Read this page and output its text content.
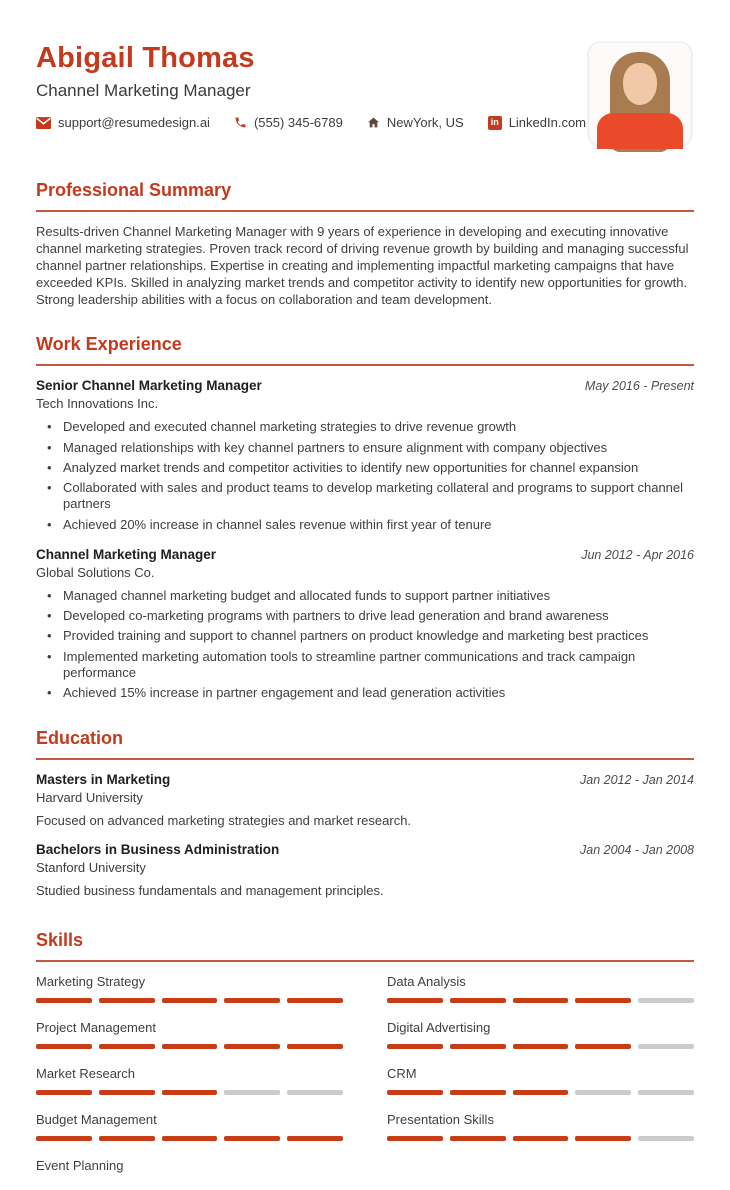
Abigail Thomas
Channel Marketing Manager
support@resumedesign.ai	(555) 345-6789	NewYork, US	in LinkedIn.com
Professional Summary

Results-driven Channel Marketing Manager with 9 years of experience in developing and executing innovative channel marketing strategies. Proven track record of driving revenue growth by building and managing successful channel partner relationships. Expertise in creating and implementing impactful marketing campaigns that have exceeded KPIs. Skilled in analyzing market trends and competitor activity to identify new opportunities for growth. Strong leadership abilities with a focus on collaboration and team development.

Work Experience
Senior Channel Marketing Manager	May 2016 - Present
Tech Innovations Inc.
• Developed and executed channel marketing strategies to drive revenue growth
• Managed relationships with key channel partners to ensure alignment with company objectives
• Analyzed market trends and competitor activities to identify new opportunities for channel expansion
• Collaborated with sales and product teams to develop marketing collateral and programs to support channel partners
• Achieved 20% increase in channel sales revenue within first year of tenure
Channel Marketing Manager	Jun 2012 - Apr 2016
Global Solutions Co.
• Managed channel marketing budget and allocated funds to support partner initiatives
• Developed co-marketing programs with partners to drive lead generation and brand awareness
• Provided training and support to channel partners on product knowledge and marketing best practices
• Implemented marketing automation tools to streamline partner communications and track campaign performance
• Achieved 15% increase in partner engagement and lead generation activities
Education
Masters in Marketing	Jan 2012 - Jan 2014
Harvard University
Focused on advanced marketing strategies and market research.
Bachelors in Business Administration	Jan 2004 - Jan 2008
Stanford University
Studied business fundamentals and management principles.
Skills
Marketing Strategy
Project Management
Market Research
Budget Management
Event Planning
Data Analysis
Digital Advertising
CRM
Presentation Skills
